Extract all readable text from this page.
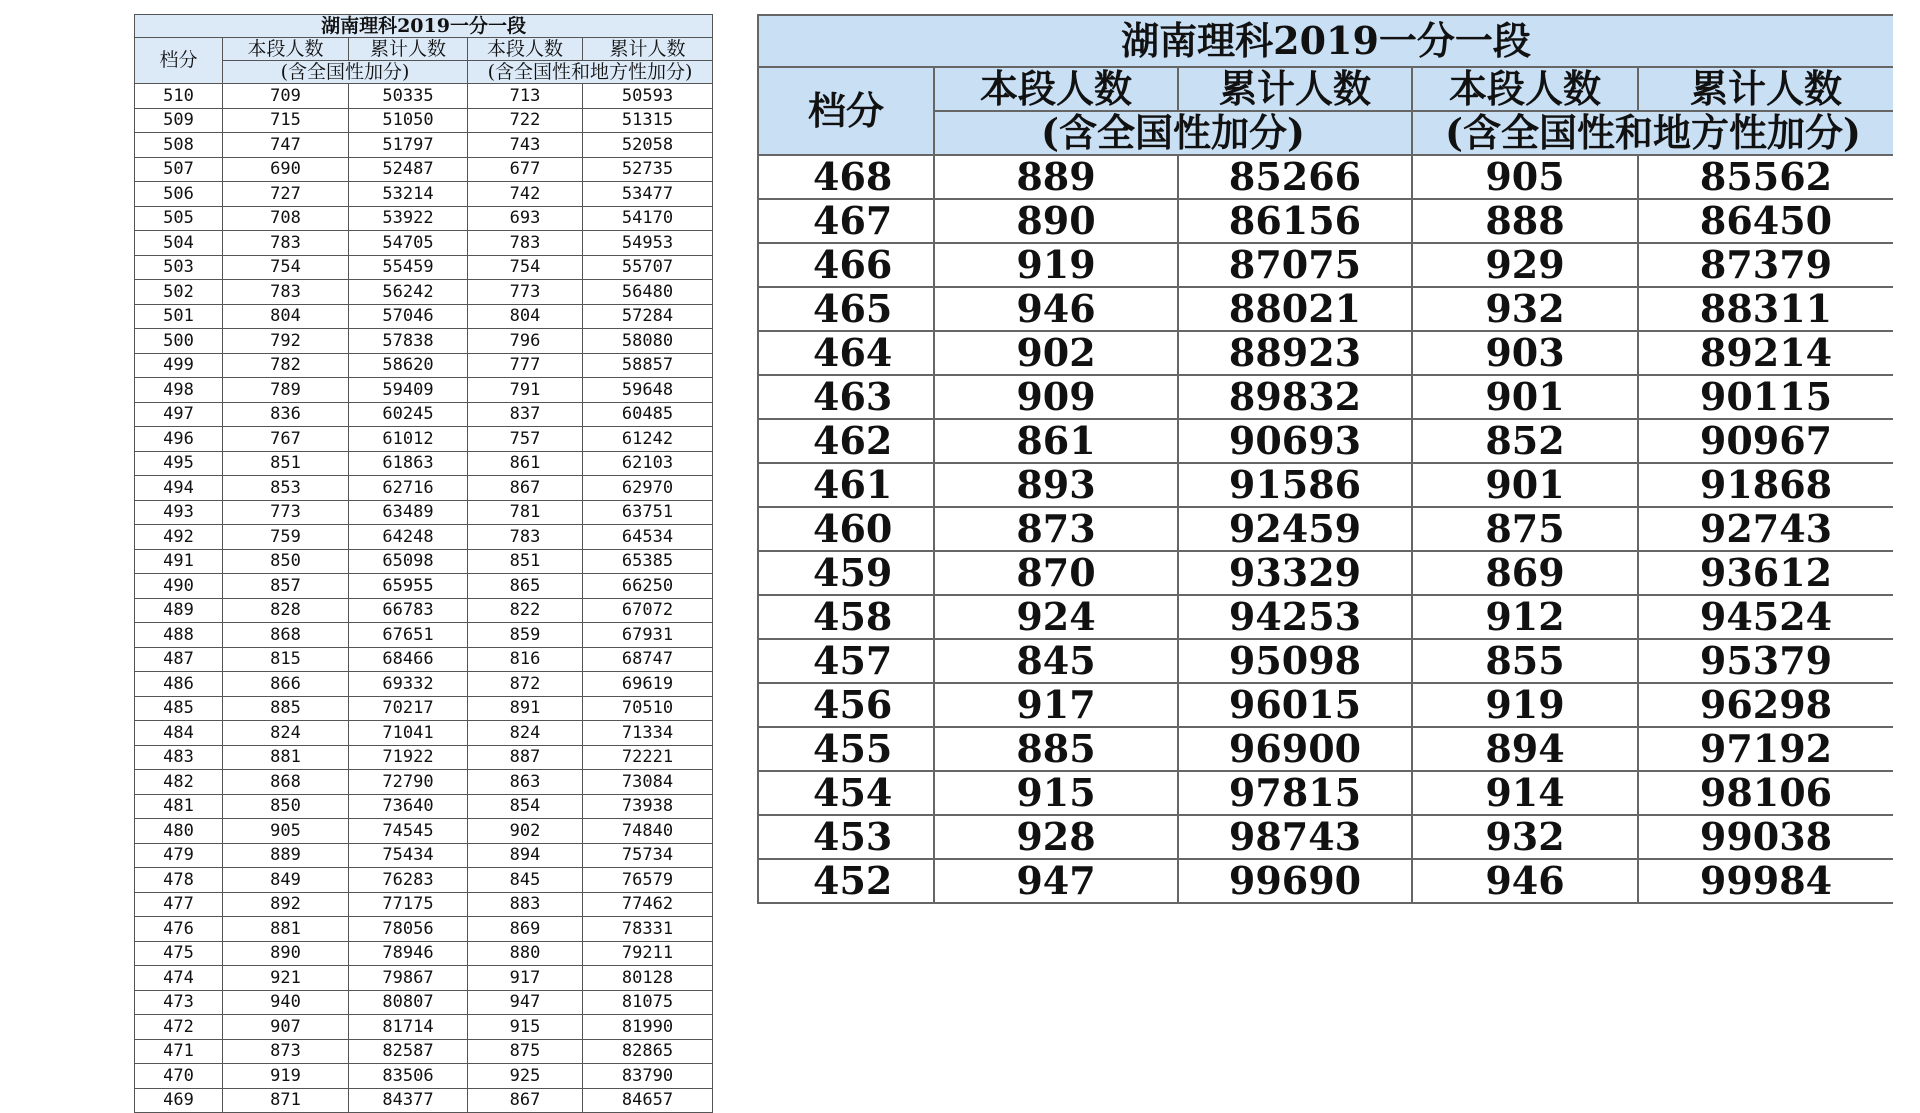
湖南理科2019一分一段				
档分	本段人数	累计人数	本段人数	累计人数
	(含全国性加分)		(含全国性和地方性加分)	
510	709	50335	713	50593
509	715	51050	722	51315
508	747	51797	743	52058
507	690	52487	677	52735
506	727	53214	742	53477
505	708	53922	693	54170
504	783	54705	783	54953
503	754	55459	754	55707
502	783	56242	773	56480
501	804	57046	804	57284
500	792	57838	796	58080
499	782	58620	777	58857
498	789	59409	791	59648
497	836	60245	837	60485
496	767	61012	757	61242
495	851	61863	861	62103
494	853	62716	867	62970
493	773	63489	781	63751
492	759	64248	783	64534
491	850	65098	851	65385
490	857	65955	865	66250
489	828	66783	822	67072
488	868	67651	859	67931
487	815	68466	816	68747
486	866	69332	872	69619
485	885	70217	891	70510
484	824	71041	824	71334
483	881	71922	887	72221
482	868	72790	863	73084
481	850	73640	854	73938
480	905	74545	902	74840
479	889	75434	894	75734
478	849	76283	845	76579
477	892	77175	883	77462
476	881	78056	869	78331
475	890	78946	880	79211
474	921	79867	917	80128
473	940	80807	947	81075
472	907	81714	915	81990
471	873	82587	875	82865
470	919	83506	925	83790
469	871	84377	867	84657
湖南理科2019一分一段				
档分	本段人数	累计人数	本段人数	累计人数
	(含全国性加分)		(含全国性和地方性加分)	
468	889	85266	905	85562
467	890	86156	888	86450
466	919	87075	929	87379
465	946	88021	932	88311
464	902	88923	903	89214
463	909	89832	901	90115
462	861	90693	852	90967
461	893	91586	901	91868
460	873	92459	875	92743
459	870	93329	869	93612
458	924	94253	912	94524
457	845	95098	855	95379
456	917	96015	919	96298
455	885	96900	894	97192
454	915	97815	914	98106
453	928	98743	932	99038
452	947	99690	946	99984
